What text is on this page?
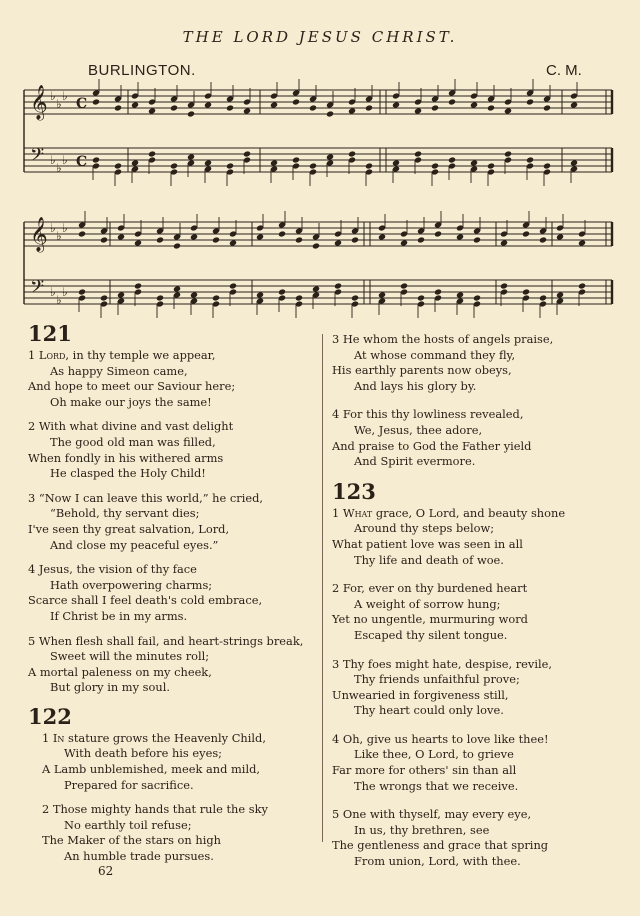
THE LORD JESUS CHRIST.
BURLINGTON.	C. M.
𝄞 ♭
♭
♭ C
𝄢 ♭
♭
♭ C
𝄞 ♭
♭
♭
𝄢 ♭
♭
♭
121
1 Lord, in thy temple we appear,
As happy Simeon came,
And hope to meet our Saviour here;
Oh make our joys the same!
2 With what divine and vast delight
The good old man was filled,
When fondly in his withered arms
He clasped the Holy Child!
3 “Now I can leave this world,” he cried,
“Behold, thy servant dies;
I've seen thy great salvation, Lord,
And close my peaceful eyes.”
4 Jesus, the vision of thy face
Hath overpowering charms;
Scarce shall I feel death's cold embrace,
If Christ be in my arms.
5 When flesh shall fail, and heart-strings break,
Sweet will the minutes roll;
A mortal paleness on my cheek,
But glory in my soul.
122
1 In stature grows the Heavenly Child,
With death before his eyes;
A Lamb unblemished, meek and mild,
Prepared for sacrifice.
2 Those mighty hands that rule the sky
No earthly toil refuse;
The Maker of the stars on high
An humble trade pursues.
3 He whom the hosts of angels praise,
At whose command they fly,
His earthly parents now obeys,
And lays his glory by.
4 For this thy lowliness revealed,
We, Jesus, thee adore,
And praise to God the Father yield
And Spirit evermore.
123
1 What grace, O Lord, and beauty shone
Around thy steps below;
What patient love was seen in all
Thy life and death of woe.
2 For, ever on thy burdened heart
A weight of sorrow hung;
Yet no ungentle, murmuring word
Escaped thy silent tongue.
3 Thy foes might hate, despise, revile,
Thy friends unfaithful prove;
Unwearied in forgiveness still,
Thy heart could only love.
4 Oh, give us hearts to love like thee!
Like thee, O Lord, to grieve
Far more for others' sin than all
The wrongs that we receive.
5 One with thyself, may every eye,
In us, thy brethren, see
The gentleness and grace that spring
From union, Lord, with thee.
62
